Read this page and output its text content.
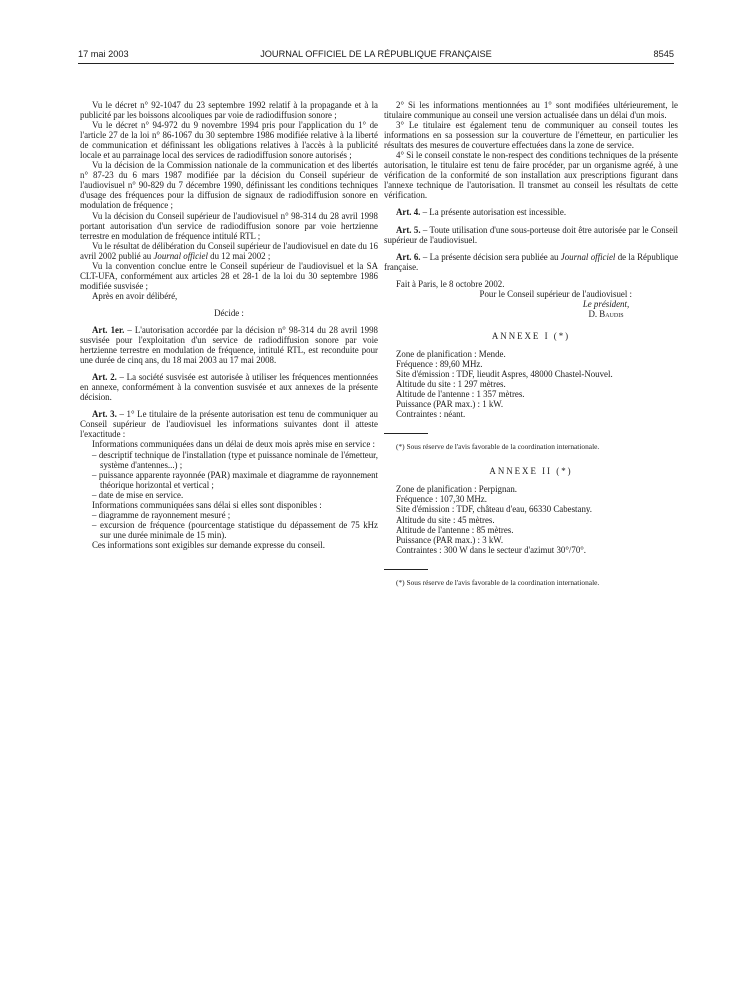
17 mai 2003	JOURNAL OFFICIEL DE LA RÉPUBLIQUE FRANÇAISE	8545

Vu le décret n° 92-1047 du 23 septembre 1992 relatif à la propagande et à la publicité par les boissons alcooliques par voie de radiodiffusion sonore ;

Vu le décret n° 94-972 du 9 novembre 1994 pris pour l'application du 1° de l'article 27 de la loi n° 86-1067 du 30 septembre 1986 modifiée relative à la liberté de communication et définissant les obligations relatives à l'accès à la publicité locale et au parrainage local des services de radiodiffusion sonore autorisés ;

Vu la décision de la Commission nationale de la communication et des libertés n° 87-23 du 6 mars 1987 modifiée par la décision du Conseil supérieur de l'audiovisuel n° 90-829 du 7 décembre 1990, définissant les conditions techniques d'usage des fréquences pour la diffusion de signaux de radiodiffusion sonore en modulation de fréquence ;

Vu la décision du Conseil supérieur de l'audiovisuel n° 98-314 du 28 avril 1998 portant autorisation d'un service de radiodiffusion sonore par voie hertzienne terrestre en modulation de fréquence intitulé RTL ;

Vu le résultat de délibération du Conseil supérieur de l'audiovisuel en date du 16 avril 2002 publié au Journal officiel du 12 mai 2002 ;

Vu la convention conclue entre le Conseil supérieur de l'audiovisuel et la SA CLT-UFA, conformément aux articles 28 et 28-1 de la loi du 30 septembre 1986 modifiée susvisée ;

Après en avoir délibéré,

Décide :

Art. 1er. – L'autorisation accordée par la décision n° 98-314 du 28 avril 1998 susvisée pour l'exploitation d'un service de radiodiffusion sonore par voie hertzienne terrestre en modulation de fréquence, intitulé RTL, est reconduite pour une durée de cinq ans, du 18 mai 2003 au 17 mai 2008.

Art. 2. – La société susvisée est autorisée à utiliser les fréquences mentionnées en annexe, conformément à la convention susvisée et aux annexes de la présente décision.

Art. 3. – 1° Le titulaire de la présente autorisation est tenu de communiquer au Conseil supérieur de l'audiovisuel les informations suivantes dont il atteste l'exactitude :

Informations communiquées dans un délai de deux mois après mise en service :

– descriptif technique de l'installation (type et puissance nominale de l'émetteur, système d'antennes...) ;
– puissance apparente rayonnée (PAR) maximale et diagramme de rayonnement théorique horizontal et vertical ;
– date de mise en service.

Informations communiquées sans délai si elles sont disponibles :

– diagramme de rayonnement mesuré ;
– excursion de fréquence (pourcentage statistique du dépassement de 75 kHz sur une durée minimale de 15 min).

Ces informations sont exigibles sur demande expresse du conseil.

2° Si les informations mentionnées au 1° sont modifiées ultérieurement, le titulaire communique au conseil une version actualisée dans un délai d'un mois.

3° Le titulaire est également tenu de communiquer au conseil toutes les informations en sa possession sur la couverture de l'émetteur, en particulier les résultats des mesures de couverture effectuées dans la zone de service.

4° Si le conseil constate le non-respect des conditions techniques de la présente autorisation, le titulaire est tenu de faire procéder, par un organisme agréé, à une vérification de la conformité de son installation aux prescriptions figurant dans l'annexe technique de l'autorisation. Il transmet au conseil les résultats de cette vérification.

Art. 4. – La présente autorisation est incessible.

Art. 5. – Toute utilisation d'une sous-porteuse doit être autorisée par le Conseil supérieur de l'audiovisuel.

Art. 6. – La présente décision sera publiée au Journal officiel de la République française.

Fait à Paris, le 8 octobre 2002.

Pour le Conseil supérieur de l'audiovisuel :

Le président,

D. Baudis

ANNEXE I (*)

Zone de planification : Mende.

Fréquence : 89,60 MHz.

Site d'émission : TDF, lieudit Aspres, 48000 Chastel-Nouvel.

Altitude du site : 1 297 mètres.

Altitude de l'antenne : 1 357 mètres.

Puissance (PAR max.) : 1 kW.

Contraintes : néant.

(*) Sous réserve de l'avis favorable de la coordination internationale.

ANNEXE II (*)

Zone de planification : Perpignan.

Fréquence : 107,30 MHz.

Site d'émission : TDF, château d'eau, 66330 Cabestany.

Altitude du site : 45 mètres.

Altitude de l'antenne : 85 mètres.

Puissance (PAR max.) : 3 kW.

Contraintes : 300 W dans le secteur d'azimut 30°/70°.

(*) Sous réserve de l'avis favorable de la coordination internationale.
